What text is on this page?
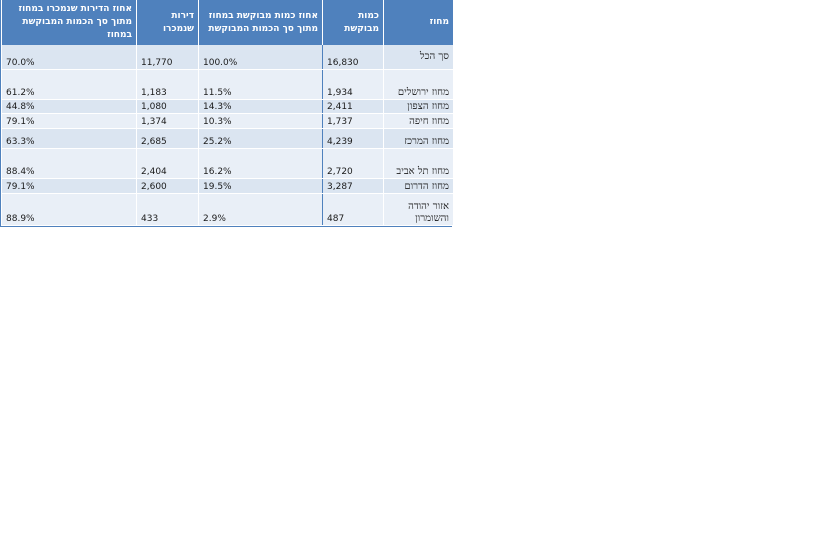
מחוז	כמות מבוקשת	אחוז כמות מבוקשת במחוז מתוך סך הכמות המבוקשת	דירות שנמכרו	אחוז הדירות שנמכרו במחוז מתוך סך הכמות המבוקשת במחוז
סך הכל	16,830	100.0%	11,770	70.0%
מחוז ירושלים	1,934	11.5%	1,183	61.2%
מחוז הצפון	2,411	14.3%	1,080	44.8%
מחוז חיפה	1,737	10.3%	1,374	79.1%
מחוז המרכז	4,239	25.2%	2,685	63.3%
מחוז תל אביב	2,720	16.2%	2,404	88.4%
מחוז הדרום	3,287	19.5%	2,600	79.1%
אזור יהודה והשומרון	487	2.9%	433	88.9%
